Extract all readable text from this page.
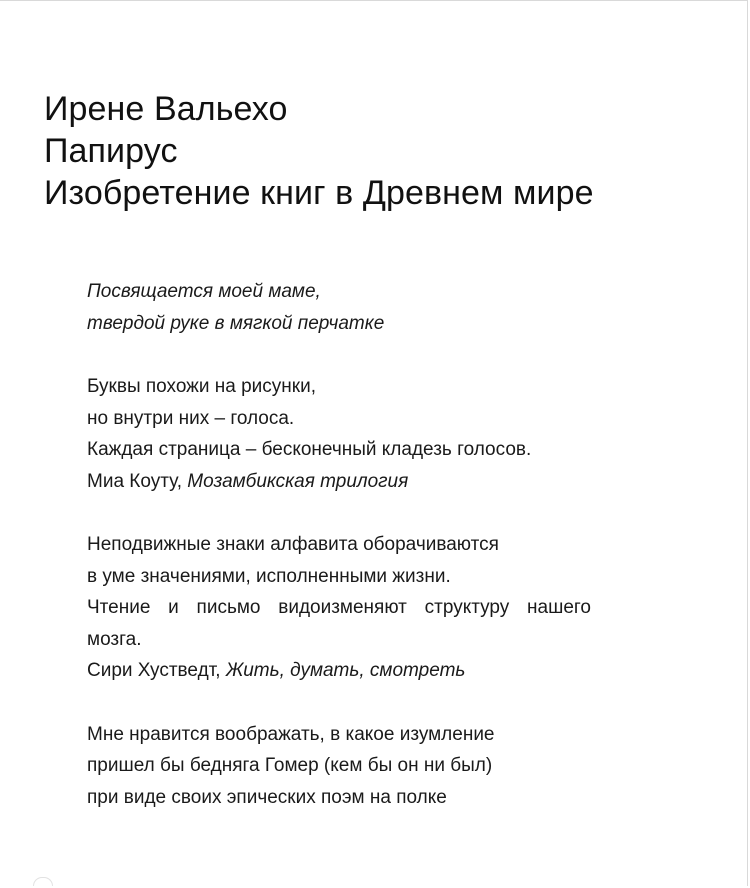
Ирене Вальехо
Папирус
Изобретение книг в Древнем мире
Посвящается моей маме,
твердой руке в мягкой перчатке
Буквы похожи на рисунки,
но внутри них – голоса.
Каждая страница – бесконечный кладезь голосов.
Миа Коуту, Мозамбикская трилогия
Неподвижные знаки алфавита оборачиваются
в уме значениями, исполненными жизни.
Чтение и письмо видоизменяют структуру нашего
мозга.
Сири Хустведт, Жить, думать, смотреть
Мне нравится воображать, в какое изумление
пришел бы бедняга Гомер (кем бы он ни был)
при виде своих эпических поэм на полке
